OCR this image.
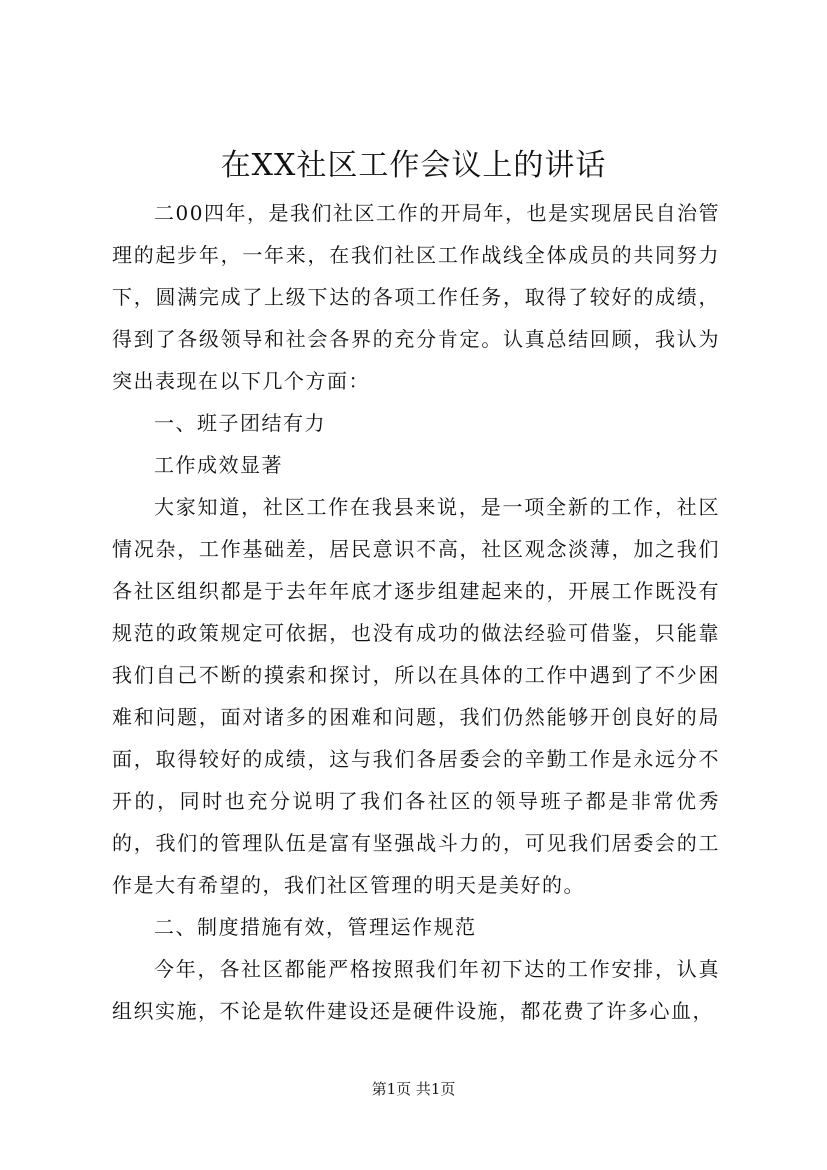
在XX社区工作会议上的讲话

二00四年，是我们社区工作的开局年，也是实现居民自治管理的起步年，一年来，在我们社区工作战线全体成员的共同努力下，圆满完成了上级下达的各项工作任务，取得了较好的成绩，得到了各级领导和社会各界的充分肯定。认真总结回顾，我认为突出表现在以下几个方面：

一、班子团结有力

工作成效显著

大家知道，社区工作在我县来说，是一项全新的工作，社区情况杂，工作基础差，居民意识不高，社区观念淡薄，加之我们各社区组织都是于去年年底才逐步组建起来的，开展工作既没有规范的政策规定可依据，也没有成功的做法经验可借鉴，只能靠我们自己不断的摸索和探讨，所以在具体的工作中遇到了不少困难和问题，面对诸多的困难和问题，我们仍然能够开创良好的局面，取得较好的成绩，这与我们各居委会的辛勤工作是永远分不开的，同时也充分说明了我们各社区的领导班子都是非常优秀的，我们的管理队伍是富有坚强战斗力的，可见我们居委会的工作是大有希望的，我们社区管理的明天是美好的。

二、制度措施有效，管理运作规范

今年，各社区都能严格按照我们年初下达的工作安排，认真组织实施，不论是软件建设还是硬件设施，都花费了许多心血，

第1页 共1页
